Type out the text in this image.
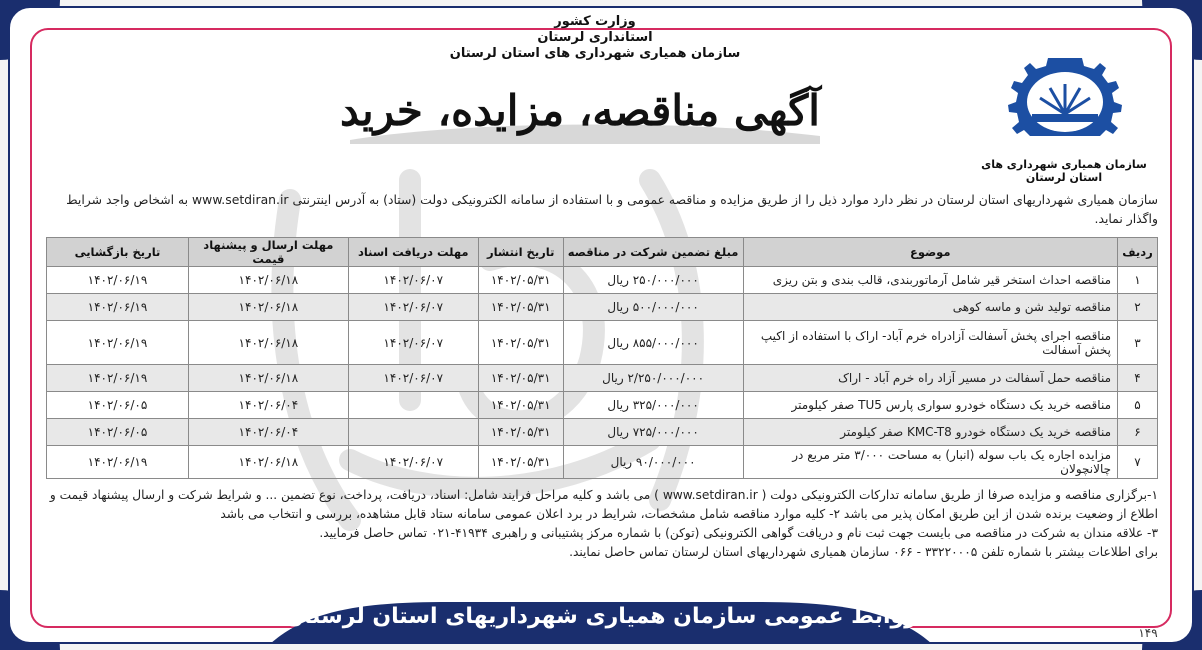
وزارت کشور
استانداری لرستان
سازمان همیاری شهرداری های استان لرستان
آگهی مناقصه، مزایده، خرید
سازمان همیاری شهرداری های استان لرستان
سازمان همیاری شهرداریهای استان لرستان در نظر دارد موارد ذیل را از طریق مزایده و مناقصه عمومی و با استفاده از سامانه الکترونیکی دولت (ستاد) به آدرس اینترنتی www.setdiran.ir به اشخاص واجد شرایط واگذار نماید.
ردیف	موضوع	مبلغ تضمین شرکت در مناقصه	تاریخ انتشار	مهلت دریافت اسناد	مهلت ارسال و پیشنهاد قیمت	تاریخ بازگشایی
۱	مناقصه احداث استخر قیر شامل آرماتوربندی، قالب بندی و بتن ریزی	۲۵۰/۰۰۰/۰۰۰ ریال	۱۴۰۲/۰۵/۳۱	۱۴۰۲/۰۶/۰۷	۱۴۰۲/۰۶/۱۸	۱۴۰۲/۰۶/۱۹
۲	مناقصه تولید شن و ماسه کوهی	۵۰۰/۰۰۰/۰۰۰ ریال	۱۴۰۲/۰۵/۳۱	۱۴۰۲/۰۶/۰۷	۱۴۰۲/۰۶/۱۸	۱۴۰۲/۰۶/۱۹
۳	مناقصه اجرای پخش آسفالت آزادراه خرم آباد- اراک با استفاده از اکیپ پخش آسفالت	۸۵۵/۰۰۰/۰۰۰ ریال	۱۴۰۲/۰۵/۳۱	۱۴۰۲/۰۶/۰۷	۱۴۰۲/۰۶/۱۸	۱۴۰۲/۰۶/۱۹
۴	مناقصه حمل آسفالت در مسیر آزاد راه خرم آباد - اراک	۲/۲۵۰/۰۰۰/۰۰۰ ریال	۱۴۰۲/۰۵/۳۱	۱۴۰۲/۰۶/۰۷	۱۴۰۲/۰۶/۱۸	۱۴۰۲/۰۶/۱۹
۵	مناقصه خرید یک دستگاه خودرو سواری پارس TU5 صفر کیلومتر	۳۲۵/۰۰۰/۰۰۰ ریال	۱۴۰۲/۰۵/۳۱		۱۴۰۲/۰۶/۰۴	۱۴۰۲/۰۶/۰۵
۶	مناقصه خرید یک دستگاه خودرو KMC-T8 صفر کیلومتر	۷۲۵/۰۰۰/۰۰۰ ریال	۱۴۰۲/۰۵/۳۱		۱۴۰۲/۰۶/۰۴	۱۴۰۲/۰۶/۰۵
۷	مزایده اجاره یک باب سوله (انبار) به مساحت ۳/۰۰۰ متر مربع در چالانچولان	۹۰/۰۰۰/۰۰۰ ریال	۱۴۰۲/۰۵/۳۱	۱۴۰۲/۰۶/۰۷	۱۴۰۲/۰۶/۱۸	۱۴۰۲/۰۶/۱۹
۱-برگزاری مناقصه و مزایده صرفا از طریق سامانه تدارکات الکترونیکی دولت ( www.setdiran.ir ) می باشد و کلیه مراحل فرایند شامل: اسناد، دریافت، پرداخت، نوع تضمین ... و شرایط شرکت و ارسال پیشنهاد قیمت و اطلاع از وضعیت برنده شدن از این طریق امکان پذیر می باشد ۲- کلیه موارد مناقصه شامل مشخصات، شرایط در برد اعلان عمومی سامانه ستاد قابل مشاهده، بررسی و انتخاب می باشد
۳- علاقه مندان به شرکت در مناقصه می بایست جهت ثبت نام و دریافت گواهی الکترونیکی (توکن) با شماره مرکز پشتیبانی و راهبری ۴۱۹۳۴-۰۲۱ تماس حاصل فرمایید.
برای اطلاعات بیشتر با شماره تلفن ۳۳۲۲۰۰۰۵ - ۰۶۶ سازمان همیاری شهرداریهای استان لرستان تماس حاصل نمایند.
روابط عمومی سازمان همیاری شهرداریهای استان لرستان
۱۴۹
